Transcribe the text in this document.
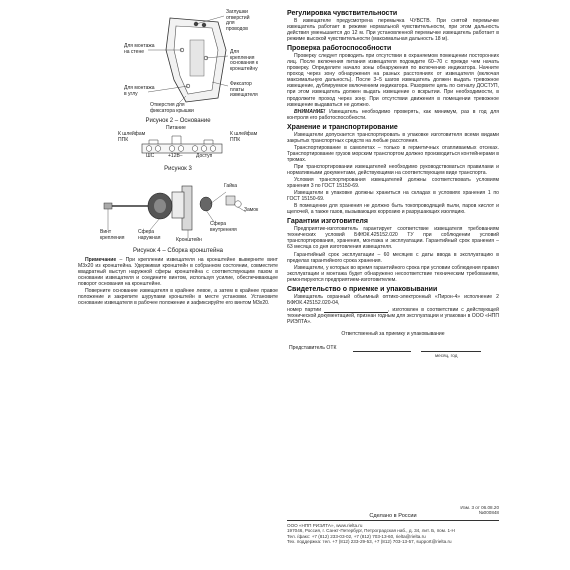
Заглушки
отверстий
для
проводов
Для монтажа
на стене	Для
крепления
основания к
кронштейну
Для монтажа
в углу
Отверстия для
фиксатора крышки
Фиксатор
платы
извещателя
Рисунок 2 – Основание
Питание
К шлейфам
ППК
К шлейфам
ППК
ШС	+12В−	Доступ
Рисунок 3
Гайка
Замок
Винт
крепления
Сфера
наружная
Сфера
внутренняя
Кронштейн
Рисунок 4 – Сборка кронштейна

Примечание – При креплении извещателя на кронштейне выверните винт М3х20 из кронштейна. Удерживая кронштейн в собранном состоянии, совместите квадратный выступ наружной сферы кронштейна с соответствующим пазом в основании извещателя и соедините винтом, используя усилие, обеспечивающее поворот основания на кронштейне.

Поверните основание извещателя в крайнее левое, а затем в крайнее правое положение и закрепите шурупами кронштейн в месте установки. Установите основание извещателя в рабочее положение и зафиксируйте его винтом М3х20.

Регулировка чувствительности

В извещателе предусмотрена перемычка ЧУВСТВ. При снятой перемычке извещатель работает в режиме нормальной чувствительности, при этом дальность действия уменьшается до 12 м. При установленной перемычке извещатель работает в режиме высокой чувствительности (максимальная дальность 18 м).

Проверка работоспособности

Проверку следует проводить при отсутствии в охраняемом помещении посторонних лиц. После включения питания извещателя подождите 60–70 с прежде чем начать проверку. Определите начало зоны обнаружения по включению индикатора. Начните проход через зону обнаружения на разных расстояниях от извещателя (включая максимальную дальность). После 3–5 шагов извещатель должен выдать тревожное извещение, дублируемое включением индикатора. Разорвите цепь по сигналу ДОСТУП, при этом извещатель должен выдать извещение о вскрытии. При необходимости, в продолжите проход через зону. При отсутствии движения в помещении тревожное извещение выдаваться не должно.

ВНИМАНИЕ! Извещатель необходимо проверять, как минимум, раз в год для контроля его работоспособности.

Хранение и транспортирование

Извещатели допускается транспортировать в упаковке изготовителя всеми видами закрытых транспортных средств на любые расстояния.

Транспортирование в самолетах – только в герметичных отапливаемых отсеках. Транспортирование грузов морским транспортом должно производиться контейнерами в трюмах.

При транспортировании извещателей необходимо руководствоваться правилами и нормативными документами, действующими на соответствующем виде транспорта.

Условия транспортирования извещателей должны соответствовать условиям хранения 3 по ГОСТ 15150-69.

Извещатели в упаковке должны храниться на складах в условиях хранения 1 по ГОСТ 15150-69.

В помещении для хранения не должно быть токопроводящей пыли, паров кислот и щелочей, а также газов, вызывающих коррозию и разрушающих изоляцию.

Гарантии изготовителя

Предприятие-изготовитель гарантирует соответствие извещателя требованиям технических условий БФЮК.425152.020 ТУ при соблюдении условий транспортирования, хранения, монтажа и эксплуатации. Гарантийный срок хранения – 63 месяца со дня изготовления извещателя.

Гарантийный срок эксплуатации – 60 месяцев с даты ввода в эксплуатацию в пределах гарантийного срока хранения.

Извещатели, у которых во время гарантийного срока при условии соблюдения правил эксплуатации и монтажа будет обнаружено несоответствие техническим требованиям, ремонтируются предприятием-изготовителем.

Свидетельство о приемке и упаковывании

Извещатель охранный объемный оптико-электронный «Пирон-4» исполнение 2 БФЮК.425152.020-04,

номер партии	, изготовлен в соответствии с действующей технической документацией, признан годным для эксплуатации и упакован в ООО «НПП РИЭЛТА».

Ответственный за приемку и упаковывание
Представитель ОТК
месяц, год
Изм. 3 от 06.08.20
№000848
Сделано в России
ООО «НПП РИЭЛТА», www.rielta.ru
197046, Россия, г. Санкт-Петербург, Петроградская наб., д. 34, лит. Б, пом. 1-Н
Тел. /факс: +7 (812) 233-03-02, +7 (812) 703-13-60, rielta@rielta.ru
Тех. поддержка: тел. +7 (812) 233-29-53, +7 (812) 703-13-57, support@rielta.ru
